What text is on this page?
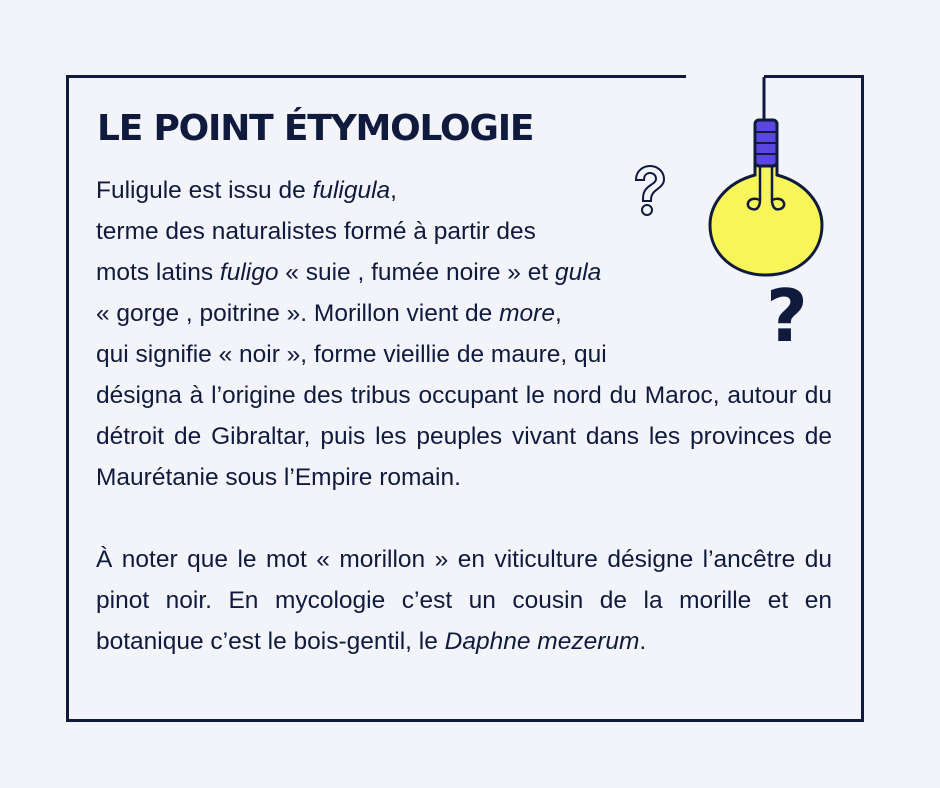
LE POINT ÉTYMOLOGIE

Fuligule est issu de fuligula,
terme des naturalistes formé à partir des
mots latins fuligo « suie , fumée noire » et gula
« gorge , poitrine ». Morillon vient de more,
qui signifie « noir », forme vieillie de maure, qui

désigna à l’origine des tribus occupant le nord du Maroc, autour du détroit de Gibraltar, puis les peuples vivant dans les provinces de Maurétanie sous l’Empire romain.

À noter que le mot « morillon » en viticulture désigne l’ancêtre du pinot noir. En mycologie c’est un cousin de la morille et en botanique c’est le bois-gentil, le Daphne mezerum.

?
